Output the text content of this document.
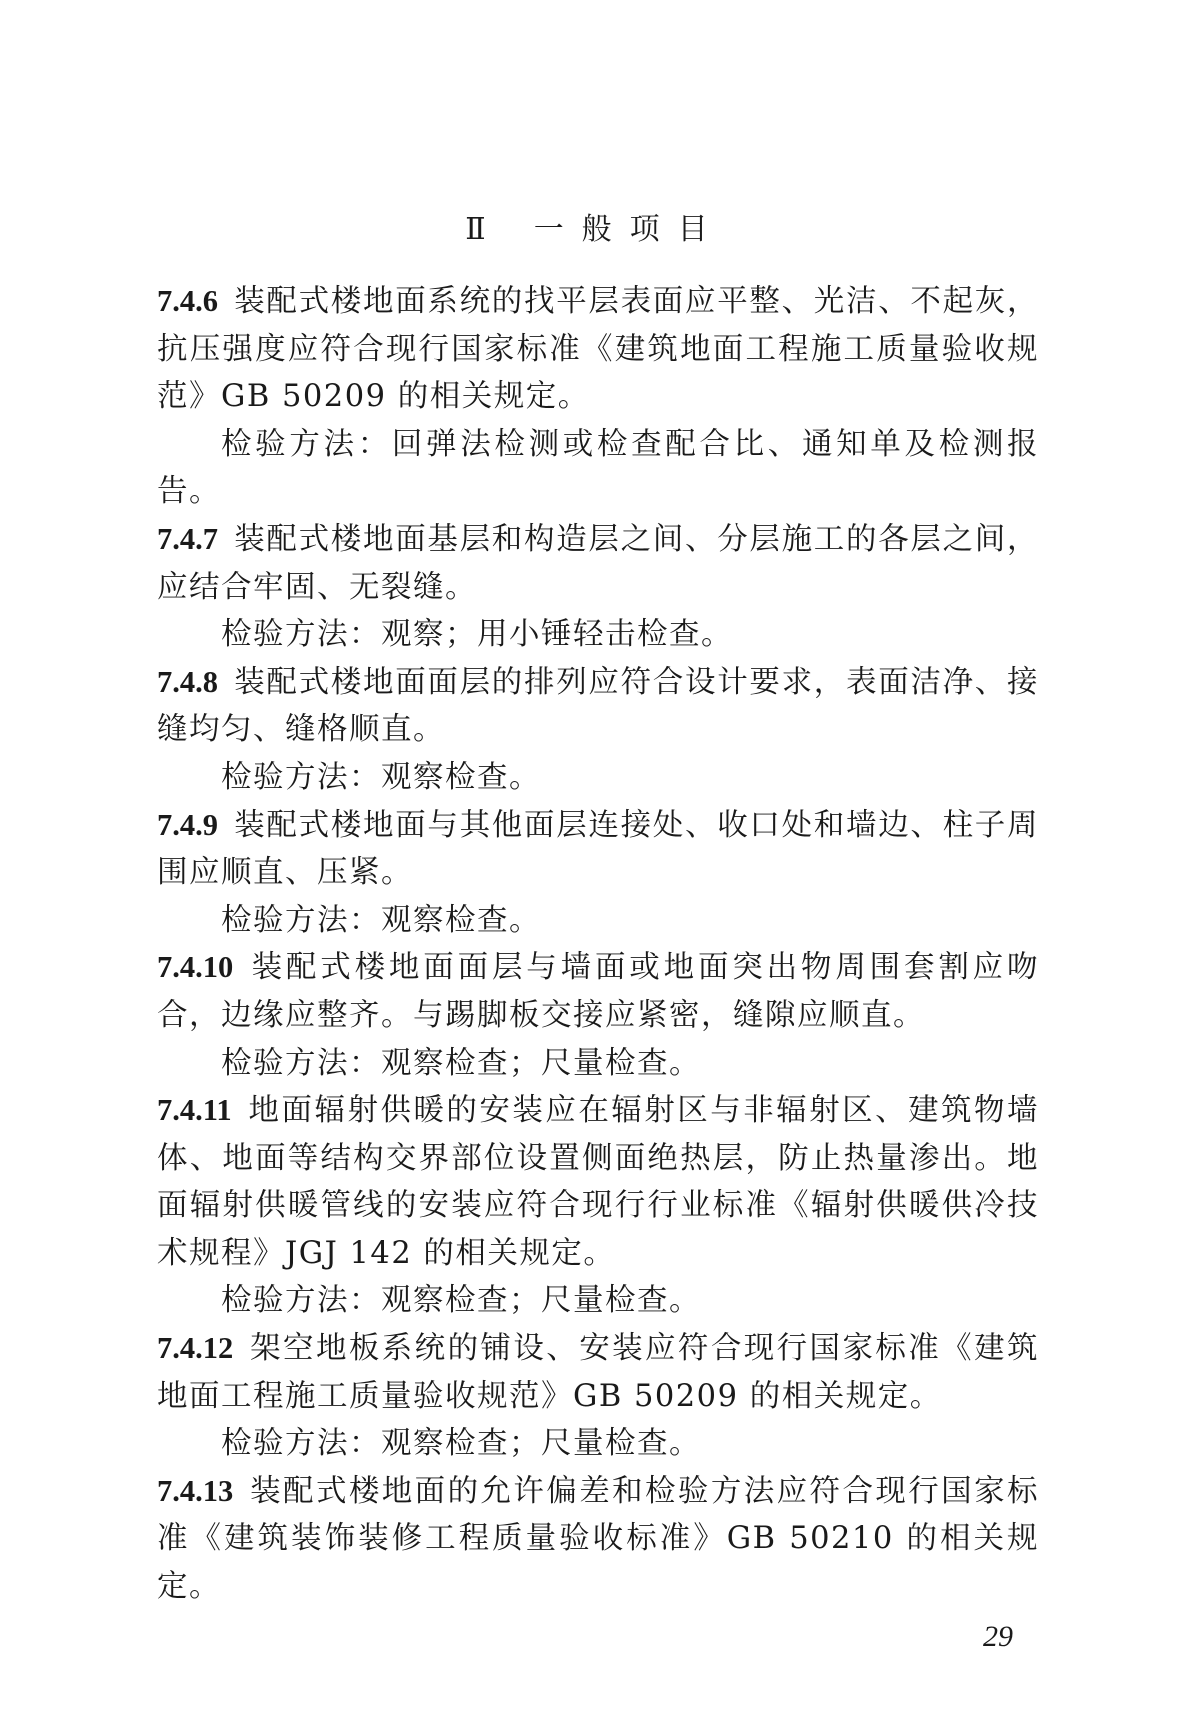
Ⅱ 一般项目

7.4.6 装配式楼地面系统的找平层表面应平整、光洁、不起灰，抗压强度应符合现行国家标准《建筑地面工程施工质量验收规范》GB 50209 的相关规定。

检验方法：回弹法检测或检查配合比、通知单及检测报告。

7.4.7 装配式楼地面基层和构造层之间、分层施工的各层之间，应结合牢固、无裂缝。

检验方法：观察；用小锤轻击检查。

7.4.8 装配式楼地面面层的排列应符合设计要求，表面洁净、接缝均匀、缝格顺直。

检验方法：观察检查。

7.4.9 装配式楼地面与其他面层连接处、收口处和墙边、柱子周围应顺直、压紧。

检验方法：观察检查。

7.4.10 装配式楼地面面层与墙面或地面突出物周围套割应吻合，边缘应整齐。与踢脚板交接应紧密，缝隙应顺直。

检验方法：观察检查；尺量检查。

7.4.11 地面辐射供暖的安装应在辐射区与非辐射区、建筑物墙体、地面等结构交界部位设置侧面绝热层，防止热量渗出。地面辐射供暖管线的安装应符合现行行业标准《辐射供暖供冷技术规程》JGJ 142 的相关规定。

检验方法：观察检查；尺量检查。

7.4.12 架空地板系统的铺设、安装应符合现行国家标准《建筑地面工程施工质量验收规范》GB 50209 的相关规定。

检验方法：观察检查；尺量检查。

7.4.13 装配式楼地面的允许偏差和检验方法应符合现行国家标准《建筑装饰装修工程质量验收标准》GB 50210 的相关规定。

29
